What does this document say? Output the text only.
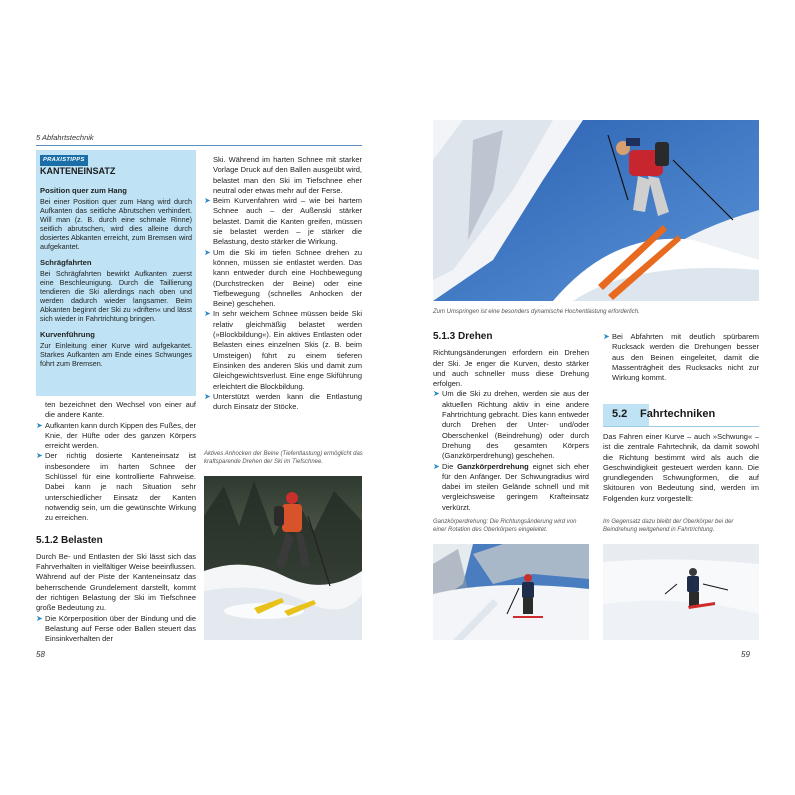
5 Abfahrtstechnik
PRAXISTIPPS
KANTENEINSATZ
Position quer zum Hang
Bei einer Position quer zum Hang wird durch Aufkanten das seitliche Abrutschen verhindert. Will man (z. B. durch eine schmale Rinne) seitlich abrutschen, wird dies alleine durch dosiertes Abkanten erreicht, zum Bremsen wird aufgekantet.
Schrägfahrten
Bei Schrägfahrten bewirkt Aufkanten zuerst eine Beschleunigung. Durch die Taillierung tendieren die Ski allerdings nach oben und werden dadurch wieder langsamer. Beim Abkanten beginnt der Ski zu »driften« und lässt sich wieder in Fahrtrichtung bringen.
Kurvenführung
Zur Einleitung einer Kurve wird aufgekantet. Starkes Aufkanten am Ende eines Schwunges führt zum Bremsen.

ten bezeichnet den Wechsel von einer auf die andere Kante.

➤ Aufkanten kann durch Kippen des Fußes, der Knie, der Hüfte oder des ganzen Körpers erreicht werden.
➤ Der richtig dosierte Kanteneinsatz ist insbesondere im harten Schnee der Schlüssel für eine kontrollierte Fahrweise. Dabei kann je nach Situation sehr unterschiedlicher Einsatz der Kanten notwendig sein, um die gewünschte Wirkung zu erreichen.
5.1.2 Belasten

Durch Be- und Entlasten der Ski lässt sich das Fahrverhalten in vielfältiger Weise beeinflussen. Während auf der Piste der Kanteneinsatz das beherrschende Grundelement darstellt, kommt der richtigen Belastung der Ski im Tiefschnee große Bedeutung zu.

➤ Die Körperposition über der Bindung und die Belastung auf Ferse oder Ballen steuert das Einsinkverhalten der

Ski. Während im harten Schnee mit starker Vorlage Druck auf den Ballen ausgeübt wird, belastet man den Ski im Tiefschnee eher neutral oder etwas mehr auf der Ferse.

➤ Beim Kurvenfahren wird – wie bei hartem Schnee auch – der Außenski stärker belastet. Damit die Kanten greifen, müssen sie belastet werden – je stärker die Belastung, desto stärker die Wirkung.
➤ Um die Ski im tiefen Schnee drehen zu können, müssen sie entlastet werden. Das kann entweder durch eine Hochbewegung (Durchstrecken der Beine) oder eine Tiefbewegung (schnelles Anhocken der Beine) geschehen.
➤ In sehr weichem Schnee müssen beide Ski relativ gleichmäßig belastet werden (»Blockbildung«). Ein aktives Entlasten oder Belasten eines einzelnen Skis (z. B. beim Umsteigen) führt zu einem tieferen Einsinken des anderen Skis und damit zum Gleichgewichtsverlust. Eine enge Skiführung erleichtert die Blockbildung.
➤ Unterstützt werden kann die Entlastung durch Einsatz der Stöcke.
Aktives Anhocken der Beine (Tiefentlastung) ermöglicht das kraftsparende Drehen der Ski im Tiefschnee.
58
Zum Umspringen ist eine besonders dynamische Hochentlastung erforderlich.
5.1.3 Drehen

Richtungsänderungen erfordern ein Drehen der Ski. Je enger die Kurven, desto stärker und auch schneller muss diese Drehung erfolgen.

➤ Um die Ski zu drehen, werden sie aus der aktuellen Richtung aktiv in eine andere Fahrtrichtung gebracht. Dies kann entweder durch Drehen der Unter- und/oder Oberschenkel (Beindrehung) oder durch Drehung des gesamten Körpers (Ganzkörperdrehung) geschehen.
➤ Die Ganzkörperdrehung eignet sich eher für den Anfänger. Der Schwungradius wird dabei im steilen Gelände schnell und mit vergleichsweise geringem Krafteinsatz verkürzt.
➤ Bei Abfahrten mit deutlich spürbarem Rucksack werden die Drehungen besser aus den Beinen eingeleitet, damit die Massenträgheit des Rucksacks nicht zur Wirkung kommt.
5.2 Fahrtechniken

Das Fahren einer Kurve – auch »Schwung« – ist die zentrale Fahrtechnik, da damit sowohl die Richtung bestimmt wird als auch die Geschwindigkeit gesteuert werden kann. Die grundlegenden Schwungformen, die auf Skitouren von Bedeutung sind, werden im Folgenden kurz vorgestellt:

Ganzkörperdrehung: Die Richtungsänderung wird von einer Rotation des Oberkörpers eingeleitet.
Im Gegensatz dazu bleibt der Oberkörper bei der Beindrehung weitgehend in Fahrtrichtung.
59
